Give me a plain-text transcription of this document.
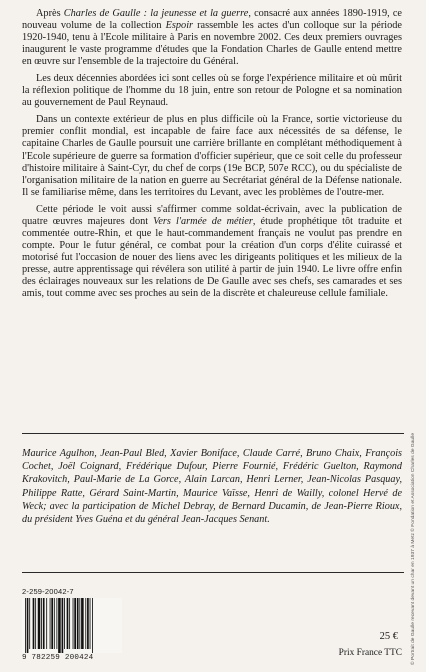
Après Charles de Gaulle : la jeunesse et la guerre, consacré aux années 1890-1919, ce nouveau volume de la collection Espoir rassemble les actes d'un colloque sur la période 1920-1940, tenu à l'Ecole militaire à Paris en novembre 2002. Ces deux premiers ouvrages inaugurent le vaste programme d'études que la Fondation Charles de Gaulle entend mettre en œuvre sur l'ensemble de la trajectoire du Général.

Les deux décennies abordées ici sont celles où se forge l'expérience militaire et où mûrit la réflexion politique de l'homme du 18 juin, entre son retour de Pologne et sa nomination au gouvernement de Paul Reynaud.

Dans un contexte extérieur de plus en plus difficile où la France, sortie victorieuse du premier conflit mondial, est incapable de faire face aux nécessités de sa défense, le capitaine Charles de Gaulle poursuit une carrière brillante en complétant méthodiquement à l'Ecole supérieure de guerre sa formation d'officier supérieur, que ce soit celle du professeur d'histoire militaire à Saint-Cyr, du chef de corps (19e BCP, 507e RCC), ou du spécialiste de l'organisation militaire de la nation en guerre au Secrétariat général de la Défense nationale. Il se familiarise même, dans les territoires du Levant, avec les problèmes de l'outre-mer.

Cette période le voit aussi s'affirmer comme soldat-écrivain, avec la publication de quatre œuvres majeures dont Vers l'armée de métier, étude prophétique tôt traduite et commentée outre-Rhin, et que le haut-commandement français ne voulut pas prendre en compte. Pour le futur général, ce combat pour la création d'un corps d'élite cuirassé et motorisé fut l'occasion de nouer des liens avec les dirigeants politiques et les milieux de la presse, autre apprentissage qui révélera son utilité à partir de juin 1940. Le livre offre enfin des éclairages nouveaux sur les relations de De Gaulle avec ses chefs, ses camarades et ses amis, tout comme avec ses proches au sein de la discrète et chaleureuse cellule familiale.

Maurice Agulhon, Jean-Paul Bled, Xavier Boniface, Claude Carré, Bruno Chaix, François Cochet, Joël Coignard, Frédérique Dufour, Pierre Fournié, Frédéric Guelton, Raymond Krakovitch, Paul-Marie de La Gorce, Alain Larcan, Henri Lerner, Jean-Nicolas Pasquay, Philippe Ratte, Gérard Saint-Martin, Maurice Vaïsse, Henri de Wailly, colonel Hervé de Weck; avec la participation de Michel Debray, de Bernard Ducamin, de Jean-Pierre Rioux, du président Yves Guéna et du général Jean-Jacques Senant.
2-259-20042-7
9 782259 200424
25 €
Prix France TTC © Portrait de Gaulle recevant devant un char en 1937 à Metz © Fondation et Association Charles de Gaulle
